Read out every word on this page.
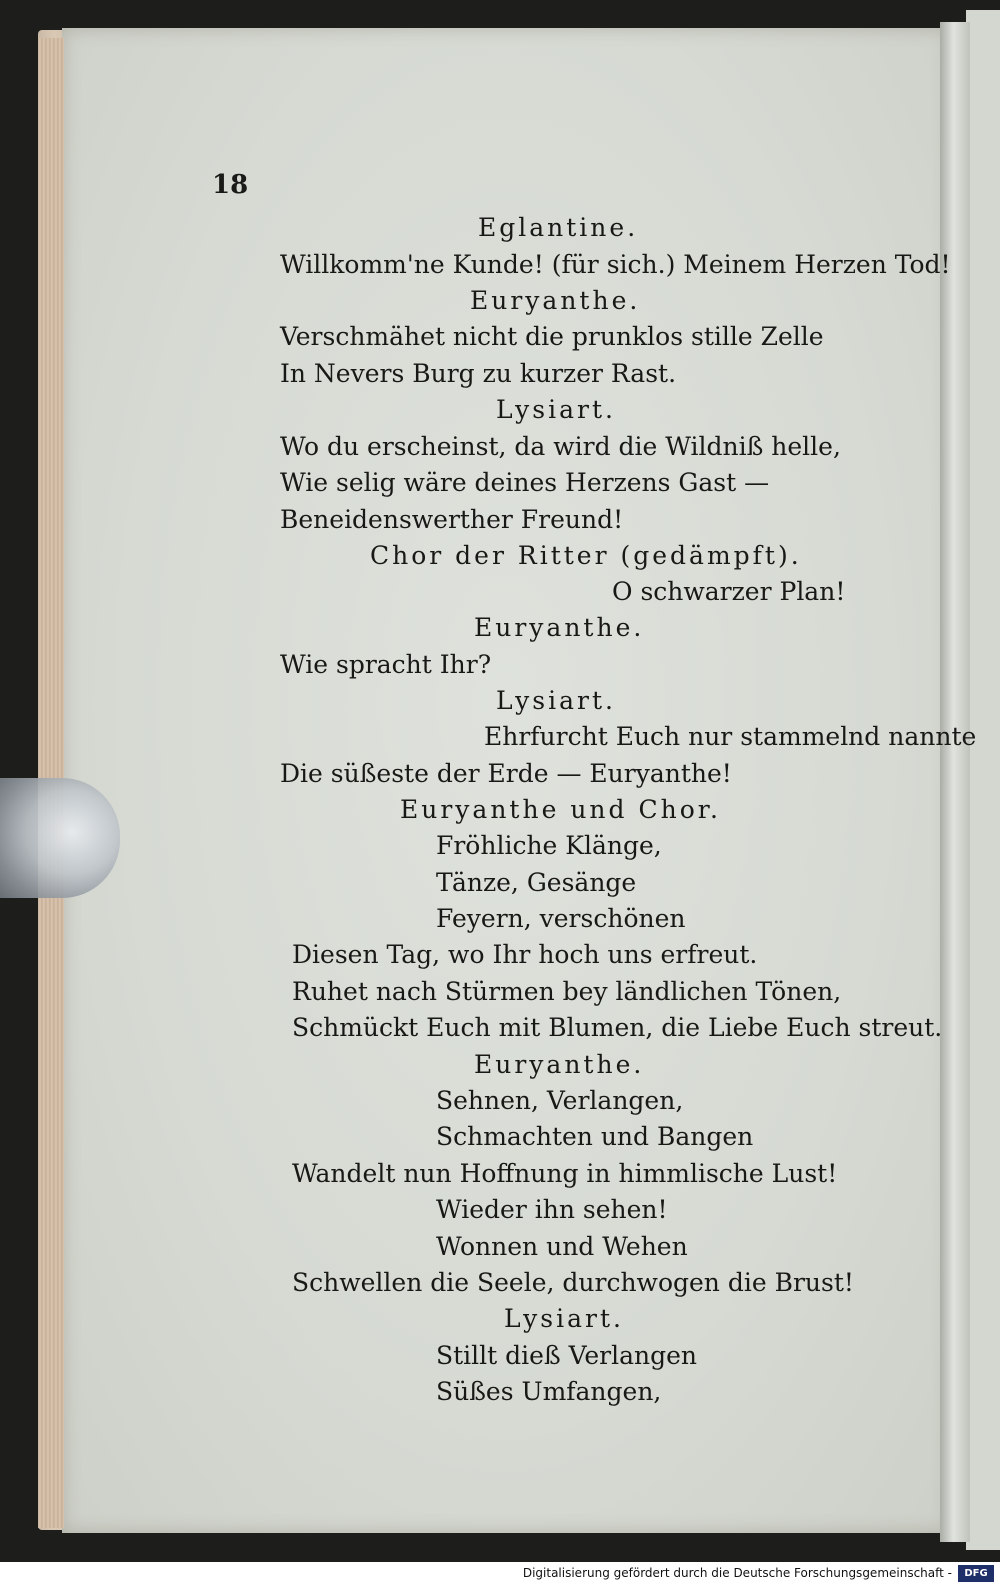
18
Eglantine.
Willkomm'ne Kunde! (für sich.) Meinem Herzen Tod!
Euryanthe.
Verschmähet nicht die prunklos stille Zelle
In Nevers Burg zu kurzer Rast.
Lysiart.
Wo du erscheinst, da wird die Wildniß helle,
Wie selig wäre deines Herzens Gast —
Beneidenswerther Freund!
Chor der Ritter (gedämpft).
O schwarzer Plan!
Euryanthe.
Wie spracht Ihr?
Lysiart.
Ehrfurcht Euch nur stammelnd nannte
Die süßeste der Erde — Euryanthe!
Euryanthe und Chor.
Fröhliche Klänge,
Tänze, Gesänge
Feyern, verschönen
Diesen Tag, wo Ihr hoch uns erfreut.
Ruhet nach Stürmen bey ländlichen Tönen,
Schmückt Euch mit Blumen, die Liebe Euch streut.
Euryanthe.
Sehnen, Verlangen,
Schmachten und Bangen
Wandelt nun Hoffnung in himmlische Lust!
Wieder ihn sehen!
Wonnen und Wehen
Schwellen die Seele, durchwogen die Brust!
Lysiart.
Stillt dieß Verlangen
Süßes Umfangen,
Digitalisierung gefördert durch die Deutsche Forschungsgemeinschaft -	DFG
